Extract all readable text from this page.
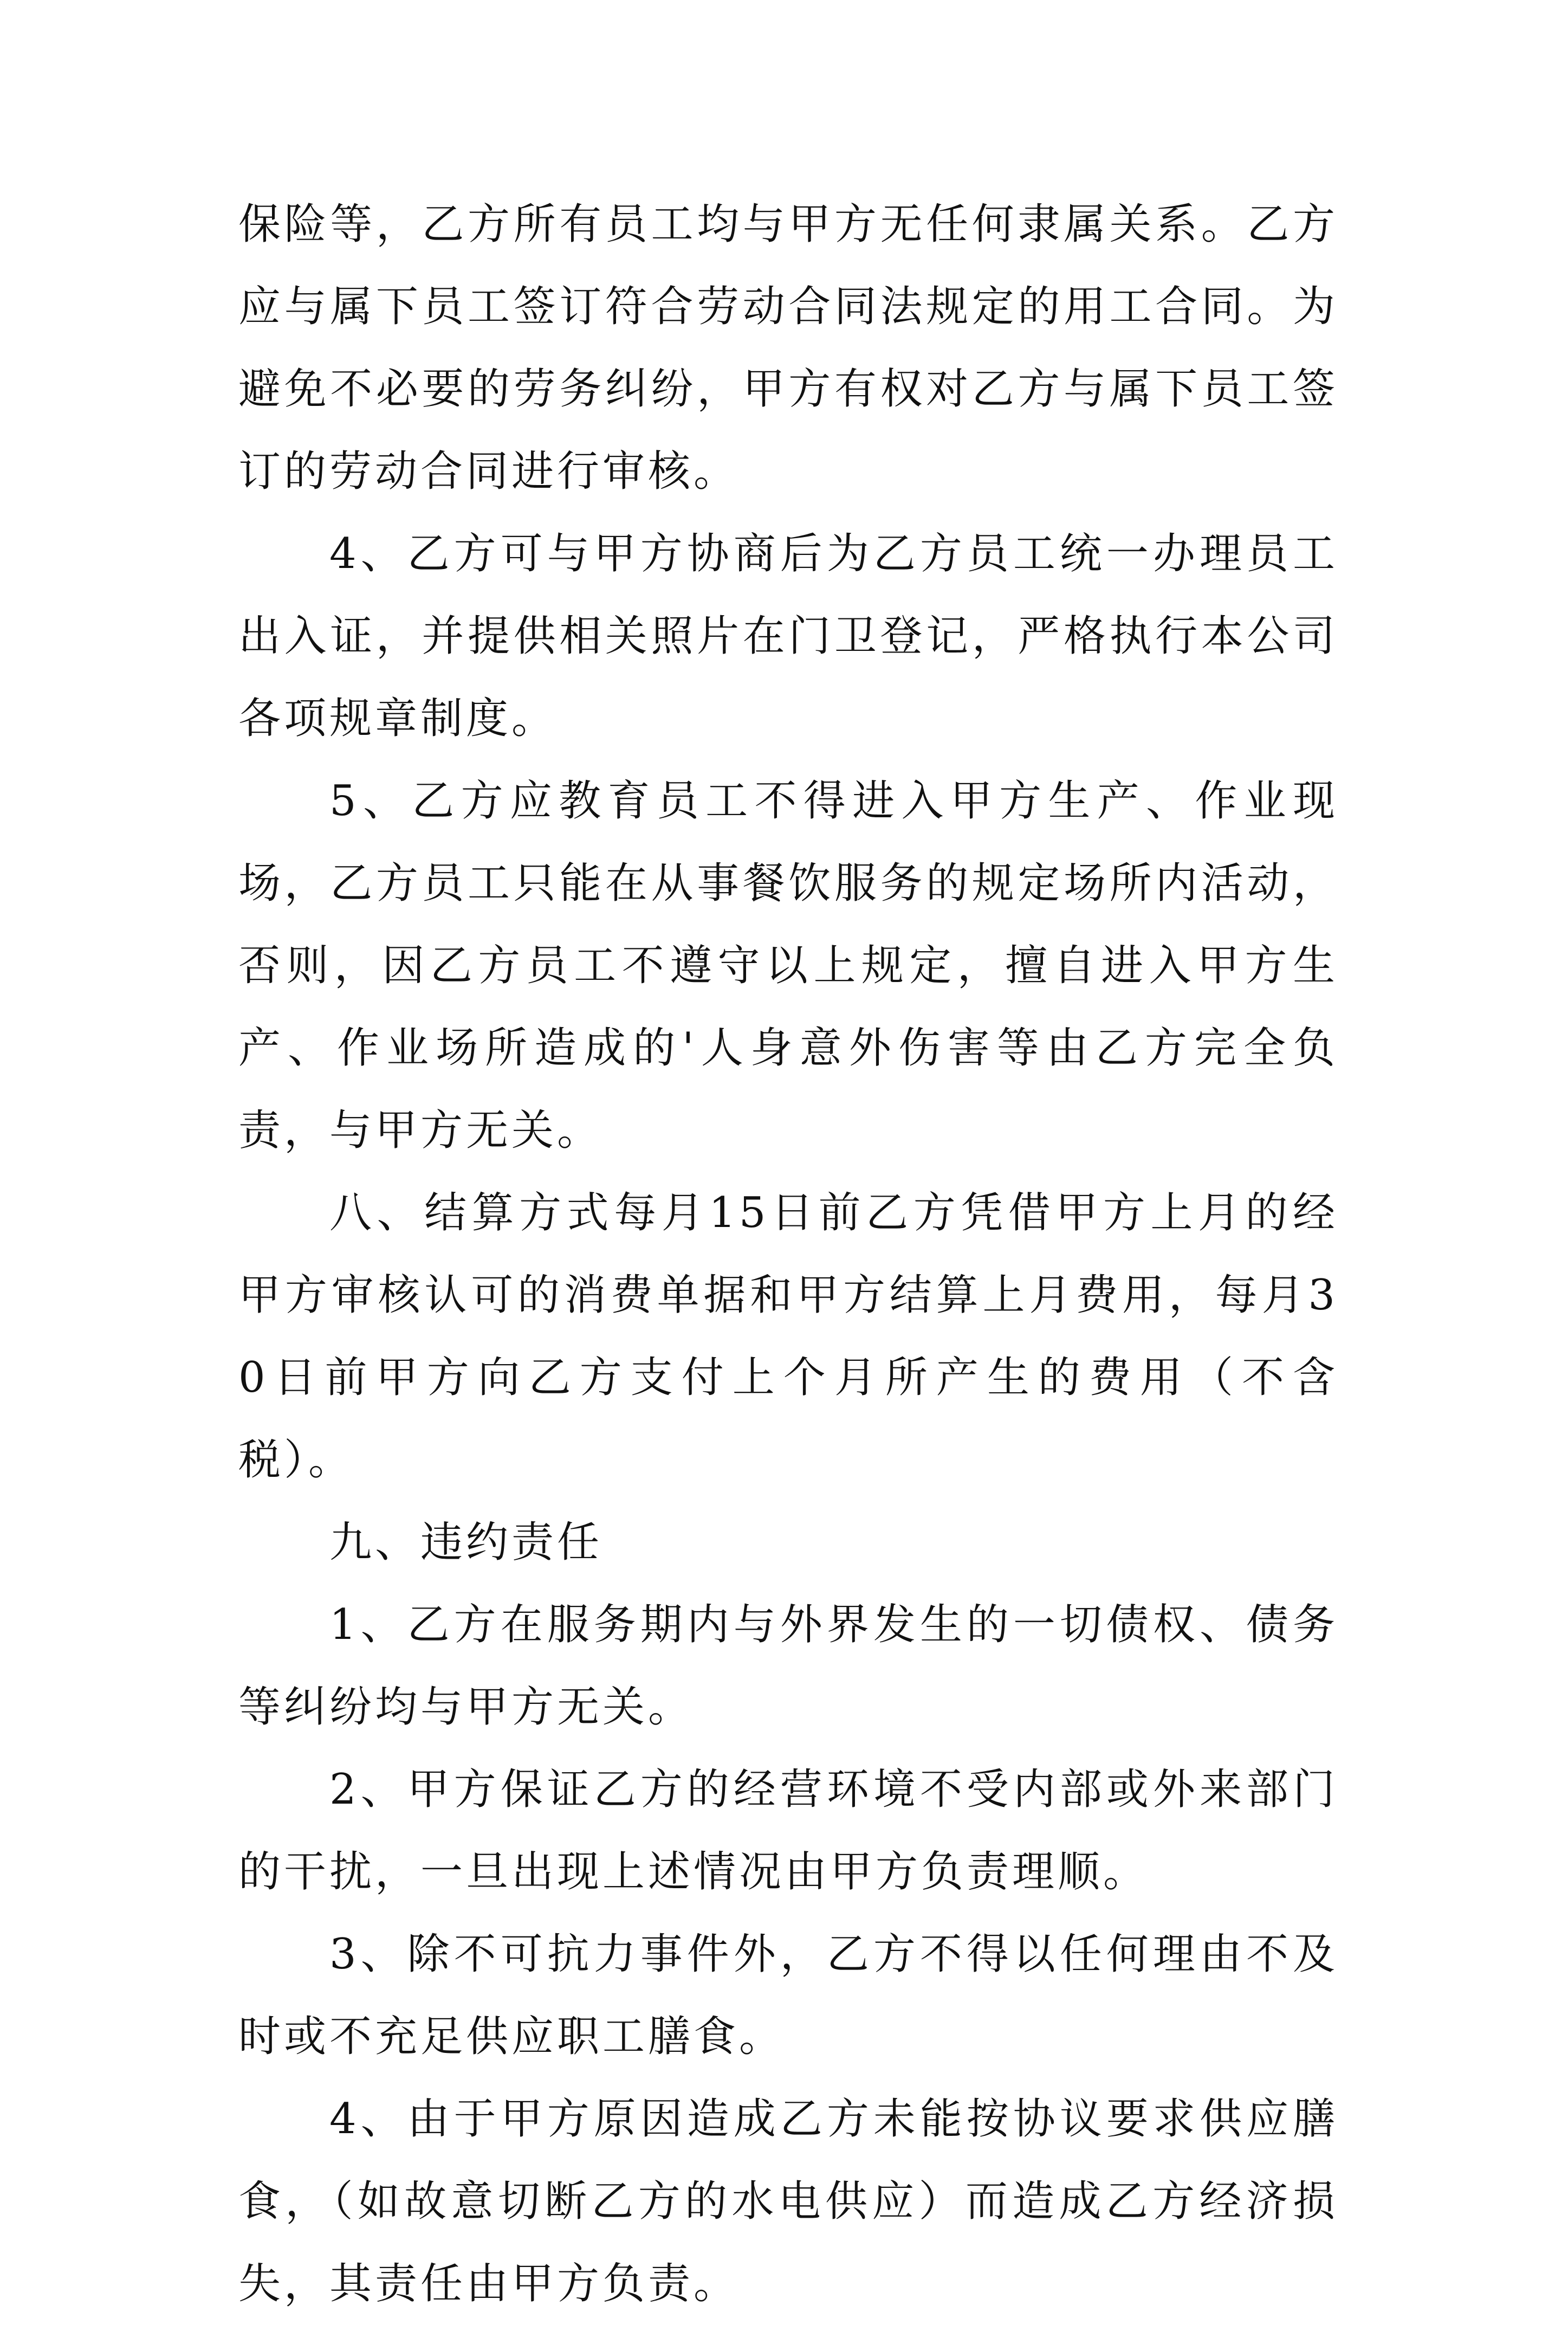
保险等，乙方所有员工均与甲方无任何隶属关系。乙方应与属下员工签订符合劳动合同法规定的用工合同。为避免不必要的劳务纠纷，甲方有权对乙方与属下员工签订的劳动合同进行审核。

4、乙方可与甲方协商后为乙方员工统一办理员工出入证，并提供相关照片在门卫登记，严格执行本公司各项规章制度。

5、乙方应教育员工不得进入甲方生产、作业现场，乙方员工只能在从事餐饮服务的规定场所内活动，否则，因乙方员工不遵守以上规定，擅自进入甲方生产、作业场所造成的'人身意外伤害等由乙方完全负责，与甲方无关。

八、结算方式每月15日前乙方凭借甲方上月的经甲方审核认可的消费单据和甲方结算上月费用，每月30日前甲方向乙方支付上个月所产生的费用（不含税）。

九、违约责任

1、乙方在服务期内与外界发生的一切债权、债务等纠纷均与甲方无关。

2、甲方保证乙方的经营环境不受内部或外来部门的干扰，一旦出现上述情况由甲方负责理顺。

3、除不可抗力事件外，乙方不得以任何理由不及时或不充足供应职工膳食。

4、由于甲方原因造成乙方未能按协议要求供应膳食，（如故意切断乙方的水电供应）而造成乙方经济损失，其责任由甲方负责。
